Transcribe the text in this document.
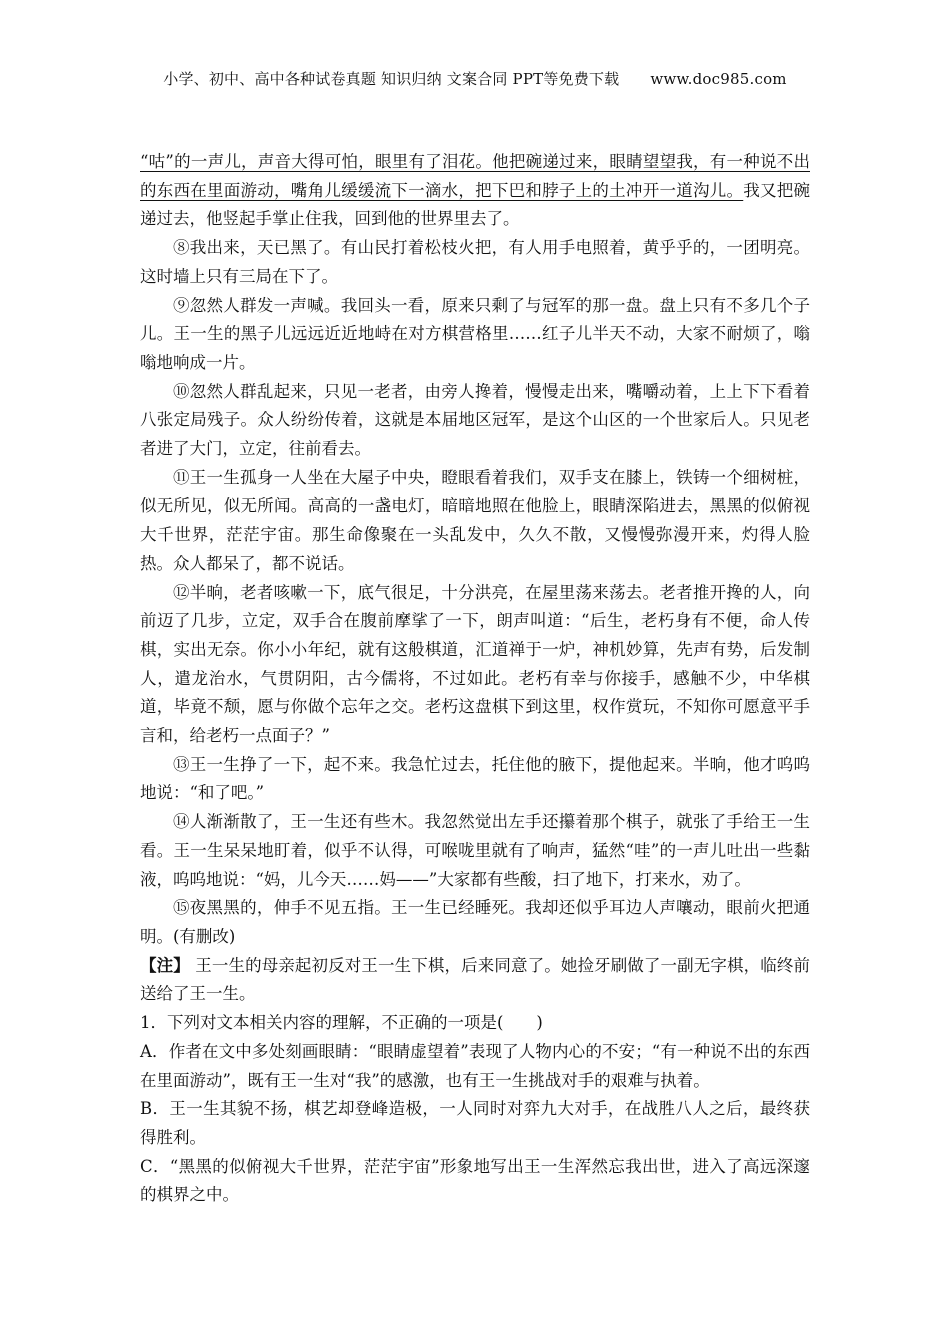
小学、初中、高中各种试卷真题 知识归纳 文案合同 PPT等免费下载 www.doc985.com

“咕”的一声儿，声音大得可怕，眼里有了泪花。他把碗递过来，眼睛望望我，有一种说不出的东西在里面游动，嘴角儿缓缓流下一滴水，把下巴和脖子上的土冲开一道沟儿。我又把碗递过去，他竖起手掌止住我，回到他的世界里去了。

⑧我出来，天已黑了。有山民打着松枝火把，有人用手电照着，黄乎乎的，一团明亮。这时墙上只有三局在下了。

⑨忽然人群发一声喊。我回头一看，原来只剩了与冠军的那一盘。盘上只有不多几个子儿。王一生的黑子儿远远近近地峙在对方棋营格里……红子儿半天不动，大家不耐烦了，嗡嗡地响成一片。

⑩忽然人群乱起来，只见一老者，由旁人搀着，慢慢走出来，嘴嚼动着，上上下下看着八张定局残子。众人纷纷传着，这就是本届地区冠军，是这个山区的一个世家后人。只见老者进了大门，立定，往前看去。

⑪王一生孤身一人坐在大屋子中央，瞪眼看着我们，双手支在膝上，铁铸一个细树桩，似无所见，似无所闻。高高的一盏电灯，暗暗地照在他脸上，眼睛深陷进去，黑黑的似俯视大千世界，茫茫宇宙。那生命像聚在一头乱发中，久久不散，又慢慢弥漫开来，灼得人脸热。众人都呆了，都不说话。

⑫半晌，老者咳嗽一下，底气很足，十分洪亮，在屋里荡来荡去。老者推开搀的人，向前迈了几步，立定，双手合在腹前摩挲了一下，朗声叫道：“后生，老朽身有不便，命人传棋，实出无奈。你小小年纪，就有这般棋道，汇道禅于一炉，神机妙算，先声有势，后发制人，遣龙治水，气贯阴阳，古今儒将，不过如此。老朽有幸与你接手，感触不少，中华棋道，毕竟不颓，愿与你做个忘年之交。老朽这盘棋下到这里，权作赏玩，不知你可愿意平手言和，给老朽一点面子？”

⑬王一生挣了一下，起不来。我急忙过去，托住他的腋下，提他起来。半晌，他才呜呜地说：“和了吧。”

⑭人渐渐散了，王一生还有些木。我忽然觉出左手还攥着那个棋子，就张了手给王一生看。王一生呆呆地盯着，似乎不认得，可喉咙里就有了响声，猛然“哇”的一声儿吐出一些黏液，呜呜地说：“妈，儿今天……妈——”大家都有些酸，扫了地下，打来水，劝了。

⑮夜黑黑的，伸手不见五指。王一生已经睡死。我却还似乎耳边人声嚷动，眼前火把通明。(有删改)

【注】 王一生的母亲起初反对王一生下棋，后来同意了。她捡牙刷做了一副无字棋，临终前送给了王一生。

1．下列对文本相关内容的理解，不正确的一项是(　　)

A．作者在文中多处刻画眼睛：“眼睛虚望着”表现了人物内心的不安；“有一种说不出的东西在里面游动”，既有王一生对“我”的感激，也有王一生挑战对手的艰难与执着。

B．王一生其貌不扬，棋艺却登峰造极，一人同时对弈九大对手，在战胜八人之后，最终获得胜利。

C．“黑黑的似俯视大千世界，茫茫宇宙”形象地写出王一生浑然忘我出世，进入了高远深邃的棋界之中。
